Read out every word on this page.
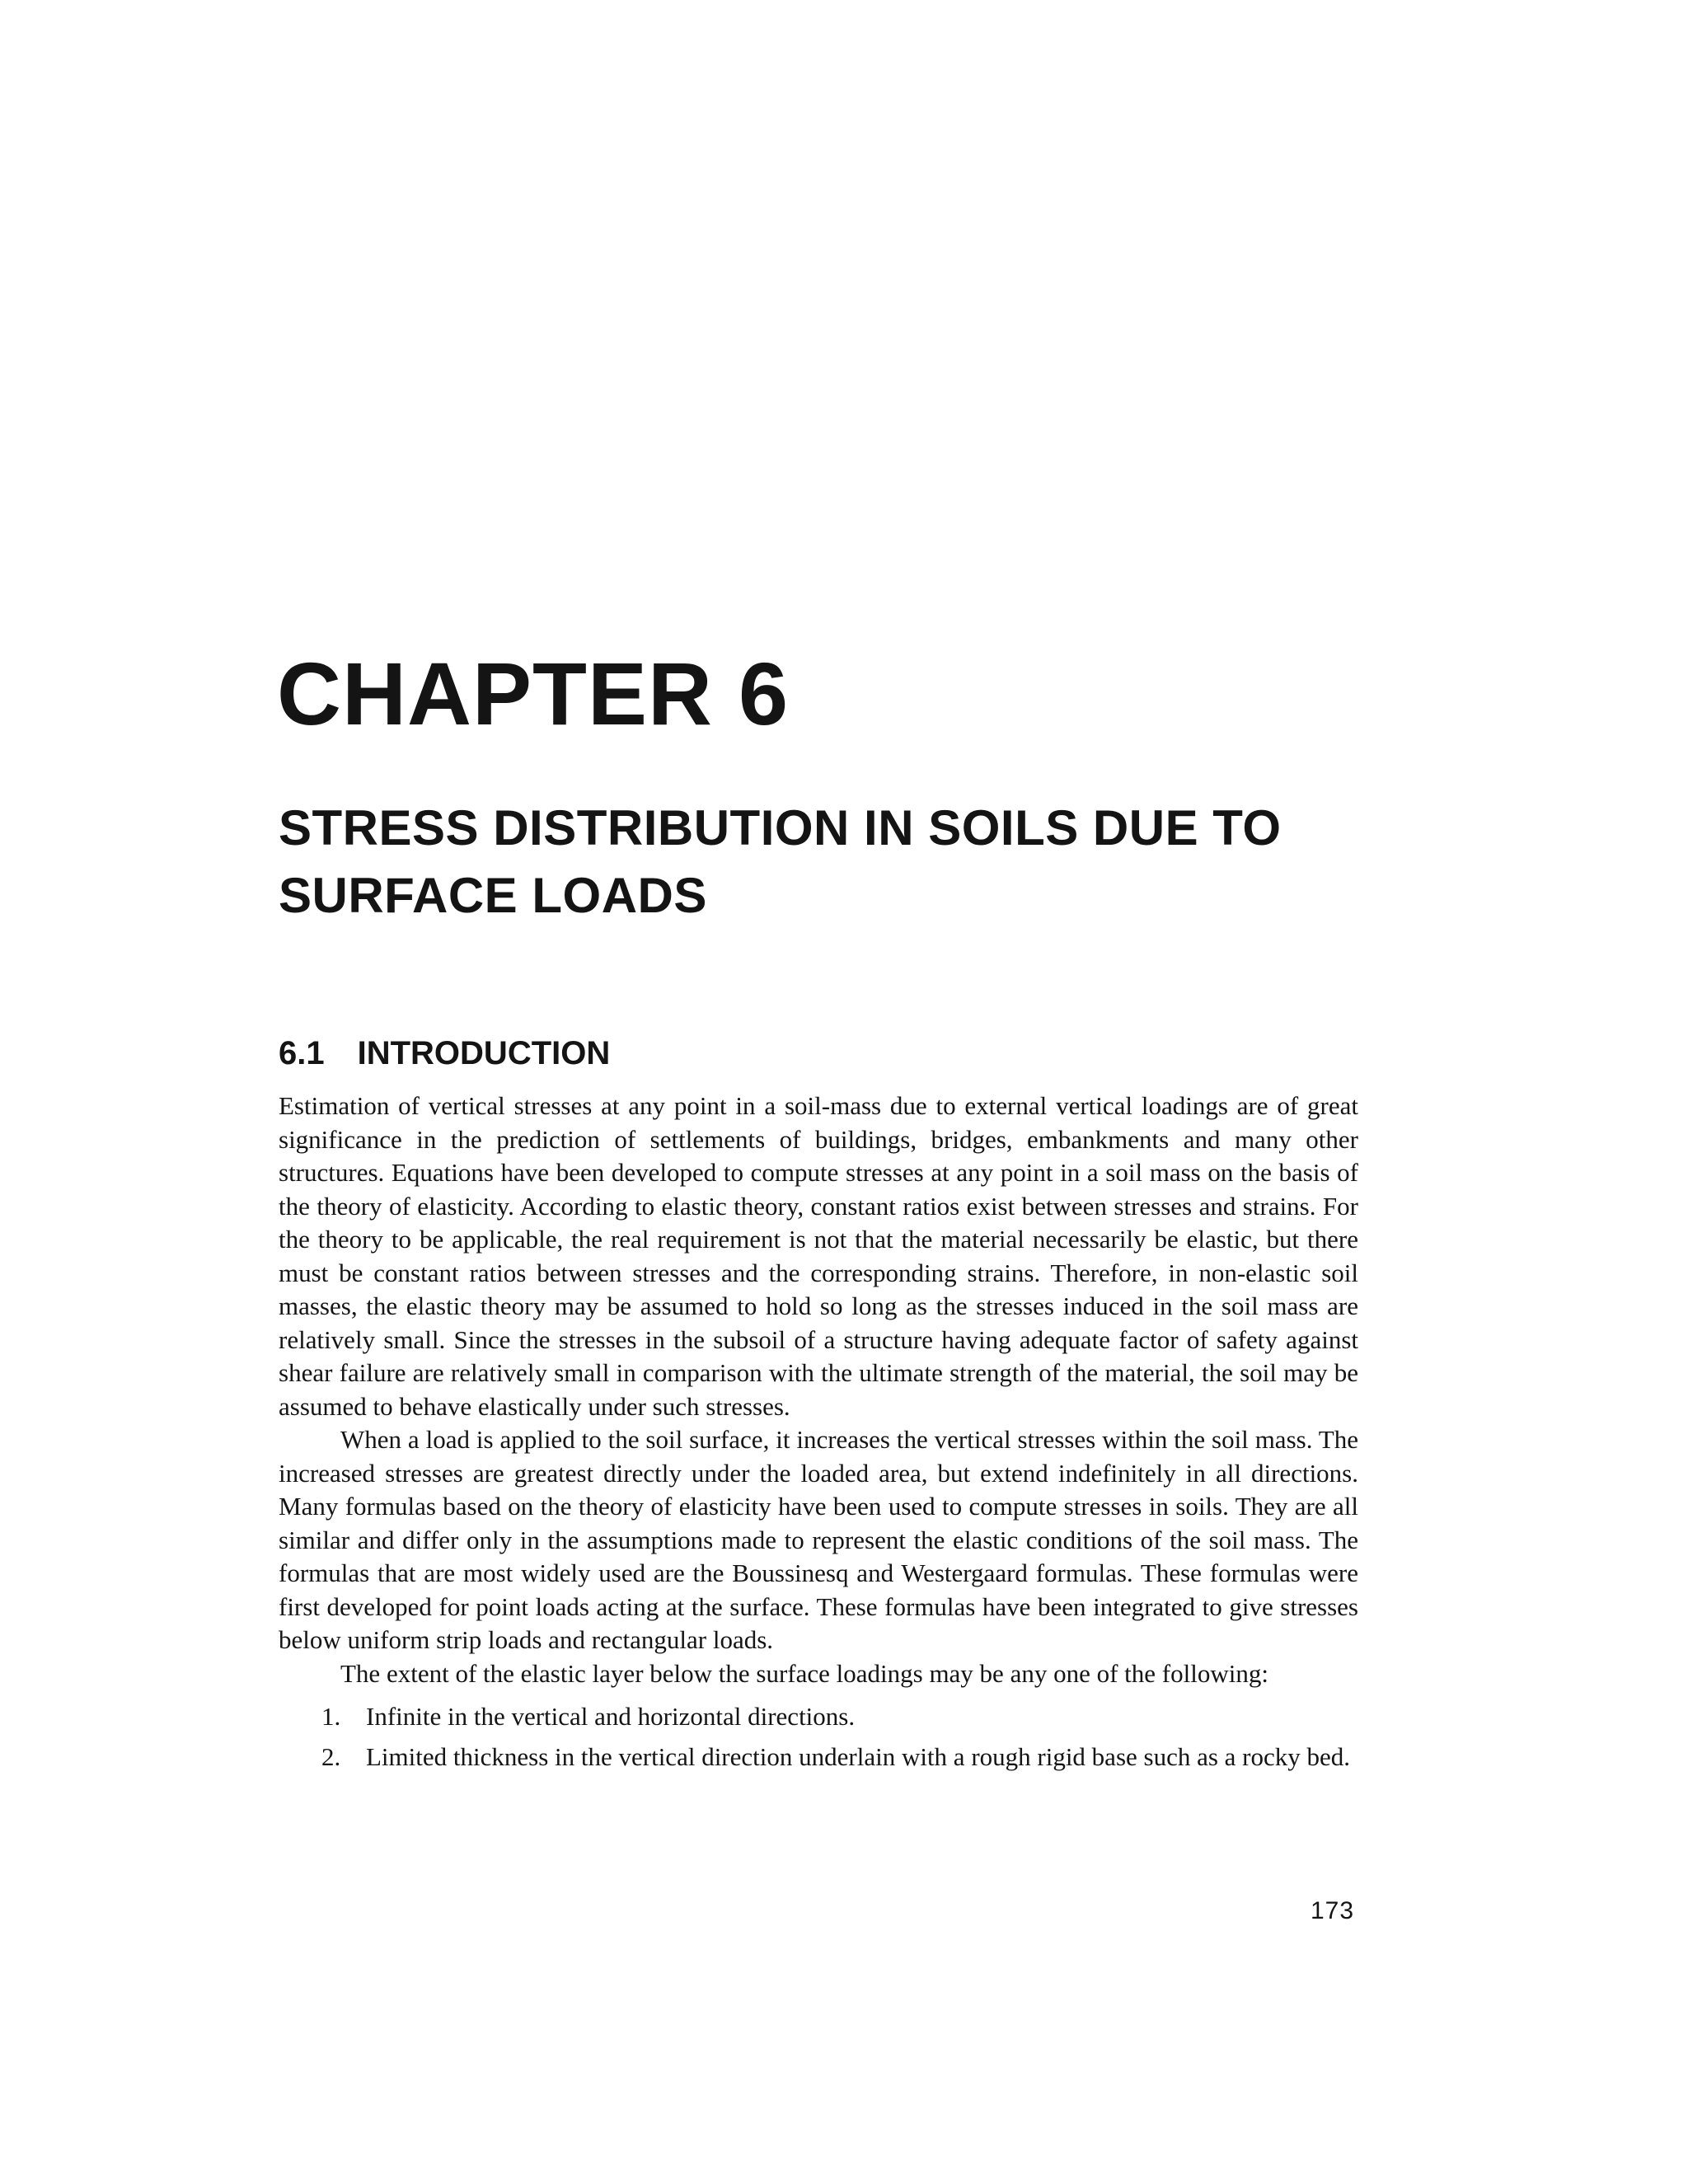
CHAPTER 6
STRESS DISTRIBUTION IN SOILS DUE TO SURFACE LOADS
6.1 INTRODUCTION

Estimation of vertical stresses at any point in a soil-mass due to external vertical loadings are of great significance in the prediction of settlements of buildings, bridges, embankments and many other structures. Equations have been developed to compute stresses at any point in a soil mass on the basis of the theory of elasticity. According to elastic theory, constant ratios exist between stresses and strains. For the theory to be applicable, the real requirement is not that the material necessarily be elastic, but there must be constant ratios between stresses and the corresponding strains. Therefore, in non-elastic soil masses, the elastic theory may be assumed to hold so long as the stresses induced in the soil mass are relatively small. Since the stresses in the subsoil of a structure having adequate factor of safety against shear failure are relatively small in comparison with the ultimate strength of the material, the soil may be assumed to behave elastically under such stresses.

When a load is applied to the soil surface, it increases the vertical stresses within the soil mass. The increased stresses are greatest directly under the loaded area, but extend indefinitely in all directions. Many formulas based on the theory of elasticity have been used to compute stresses in soils. They are all similar and differ only in the assumptions made to represent the elastic conditions of the soil mass. The formulas that are most widely used are the Boussinesq and Westergaard formulas. These formulas were first developed for point loads acting at the surface. These formulas have been integrated to give stresses below uniform strip loads and rectangular loads.

The extent of the elastic layer below the surface loadings may be any one of the following:

1. Infinite in the vertical and horizontal directions.
2. Limited thickness in the vertical direction underlain with a rough rigid base such as a rocky bed.
173
